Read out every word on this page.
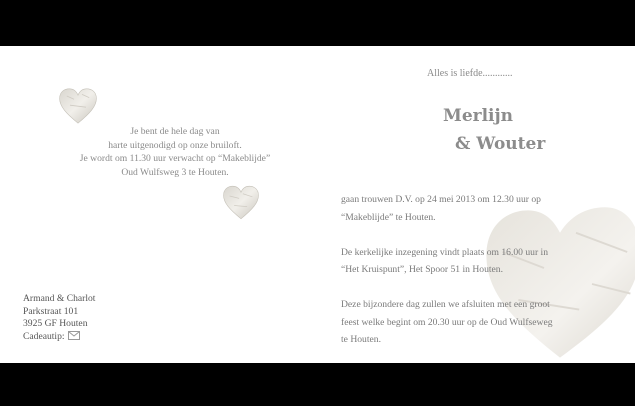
Je bent de hele dag van
harte uitgenodigd op onze bruiloft.
Je wordt om 11.30 uur verwacht op “Makeblijde”
Oud Wulfsweg 3 te Houten.
Armand & Charlot
Parkstraat 101
3925 GF Houten
Cadeautip:
Alles is liefde............
Merlijn
& Wouter
gaan trouwen D.V. op 24 mei 2013 om 12.30 uur op
“Makeblijde” te Houten.
De kerkelijke inzegening vindt plaats om 16.00 uur in
“Het Kruispunt”, Het Spoor 51 in Houten.
Deze bijzondere dag zullen we afsluiten met een groot
feest welke begint om 20.30 uur op de Oud Wulfseweg
te Houten.
